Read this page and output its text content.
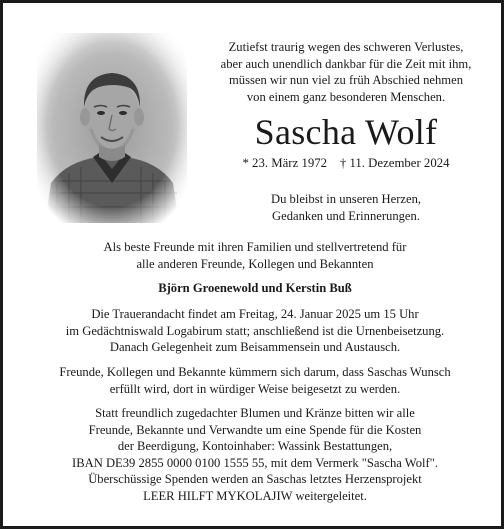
Zutiefst traurig wegen des schweren Verlustes,

aber auch unendlich dankbar für die Zeit mit ihm,

müssen wir nun viel zu früh Abschied nehmen

von einem ganz besonderen Menschen.

Sascha Wolf
* 23. März 1972 † 11. Dezember 2024

Du bleibst in unseren Herzen,

Gedanken und Erinnerungen.

Als beste Freunde mit ihren Familien und stellvertretend für

alle anderen Freunde, Kollegen und Bekannten

Björn Groenewold und Kerstin Buß

Die Trauerandacht findet am Freitag, 24. Januar 2025 um 15 Uhr

im Gedächtniswald Logabirum statt; anschließend ist die Urnenbeisetzung.

Danach Gelegenheit zum Beisammensein und Austausch.

Freunde, Kollegen und Bekannte kümmern sich darum, dass Saschas Wunsch

erfüllt wird, dort in würdiger Weise beigesetzt zu werden.

Statt freundlich zugedachter Blumen und Kränze bitten wir alle

Freunde, Bekannte und Verwandte um eine Spende für die Kosten

der Beerdigung, Kontoinhaber: Wassink Bestattungen,

IBAN DE39 2855 0000 0100 1555 55, mit dem Vermerk "Sascha Wolf".

Überschüssige Spenden werden an Saschas letztes Herzensprojekt

LEER HILFT MYKOLAJIW weitergeleitet.
